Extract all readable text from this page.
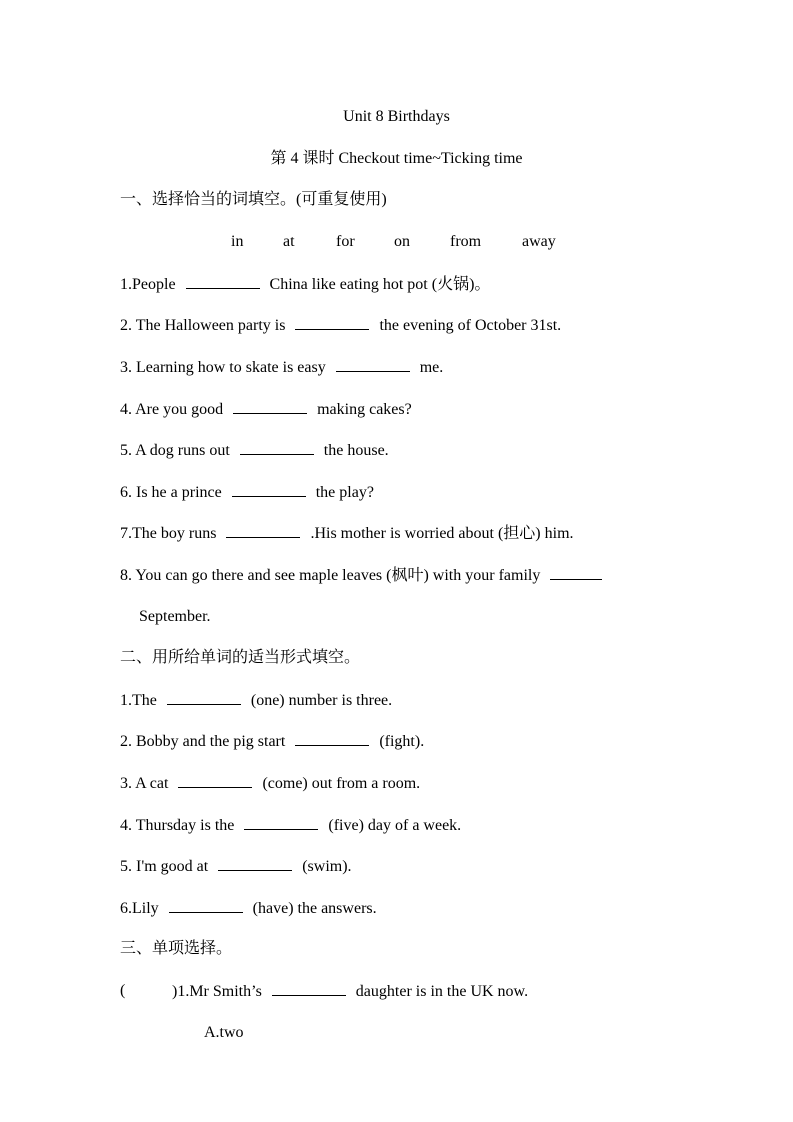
Unit 8 Birthdays
第 4 课时 Checkout time~Ticking time
一、选择恰当的词填空。(可重复使用)
in at	for on	from	away
1.People	China like eating hot pot (火锅)。
2. The Halloween party is	the evening of October 31st.
3. Learning how to skate is easy	me.
4. Are you good	making cakes?
5. A dog runs out	the house.
6. Is he a prince	the play?
7.The boy runs	.His mother is worried about (担心) him.
8. You can go there and see maple leaves (枫叶) with your family
September.
二、用所给单词的适当形式填空。
1.The	(one) number is three.
2. Bobby and the pig start	(fight).
3. A cat	(come) out from a room.
4. Thursday is the	(five) day of a week.
5. I'm good at	(swim).
6.Lily	(have) the answers.
三、单项选择。
(	)1.Mr Smith’s	daughter is in the UK now.
A.two
